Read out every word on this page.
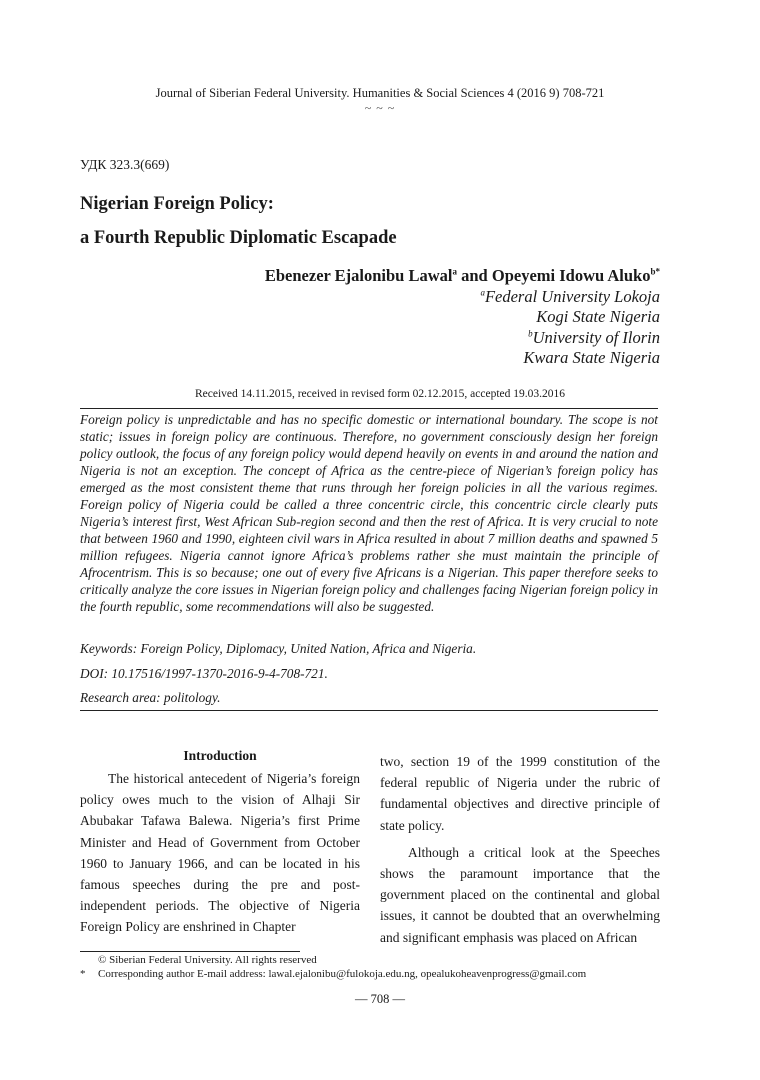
Journal of Siberian Federal University. Humanities & Social Sciences 4 (2016 9) 708-721
~ ~ ~
УДК 323.3(669)
Nigerian Foreign Policy:
a Fourth Republic Diplomatic Escapade
Ebenezer Ejalonibu Lawal$^a$ and Opeyemi Idowu Aluko$^{b*}$
$^a$Federal University Lokoja
Kogi State Nigeria
$^b$University of Ilorin
Kwara State Nigeria
Received 14.11.2015, received in revised form 02.12.2015, accepted 19.03.2016
Foreign policy is unpredictable and has no specific domestic or international boundary. The scope is not static; issues in foreign policy are continuous. Therefore, no government consciously design her foreign policy outlook, the focus of any foreign policy would depend heavily on events in and around the nation and Nigeria is not an exception. The concept of Africa as the centre-piece of Nigerian’s foreign policy has emerged as the most consistent theme that runs through her foreign policies in all the various regimes. Foreign policy of Nigeria could be called a three concentric circle, this concentric circle clearly puts Nigeria’s interest first, West African Sub-region second and then the rest of Africa. It is very crucial to note that between 1960 and 1990, eighteen civil wars in Africa resulted in about 7 million deaths and spawned 5 million refugees. Nigeria cannot ignore Africa’s problems rather she must maintain the principle of Afrocentrism. This is so because; one out of every five Africans is a Nigerian. This paper therefore seeks to critically analyze the core issues in Nigerian foreign policy and challenges facing Nigerian foreign policy in the fourth republic, some recommendations will also be suggested.
Keywords: Foreign Policy, Diplomacy, United Nation, Africa and Nigeria.
DOI: 10.17516/1997-1370-2016-9-4-708-721.
Research area: politology.
Introduction

The historical antecedent of Nigeria’s foreign policy owes much to the vision of Alhaji Sir Abubakar Tafawa Balewa. Nigeria’s first Prime Minister and Head of Government from October 1960 to January 1966, and can be located in his famous speeches during the pre and post- independent periods. The objective of Nigeria Foreign Policy are enshrined in Chapter

two, section 19 of the 1999 constitution of the federal republic of Nigeria under the rubric of fundamental objectives and directive principle of state policy.

Although a critical look at the Speeches shows the paramount importance that the government placed on the continental and global issues, it cannot be doubted that an overwhelming and significant emphasis was placed on African

© Siberian Federal University. All rights reserved
* Corresponding author E-mail address: lawal.ejalonibu@fulokoja.edu.ng, opealukoheavenprogress@gmail.com
— 708 —
